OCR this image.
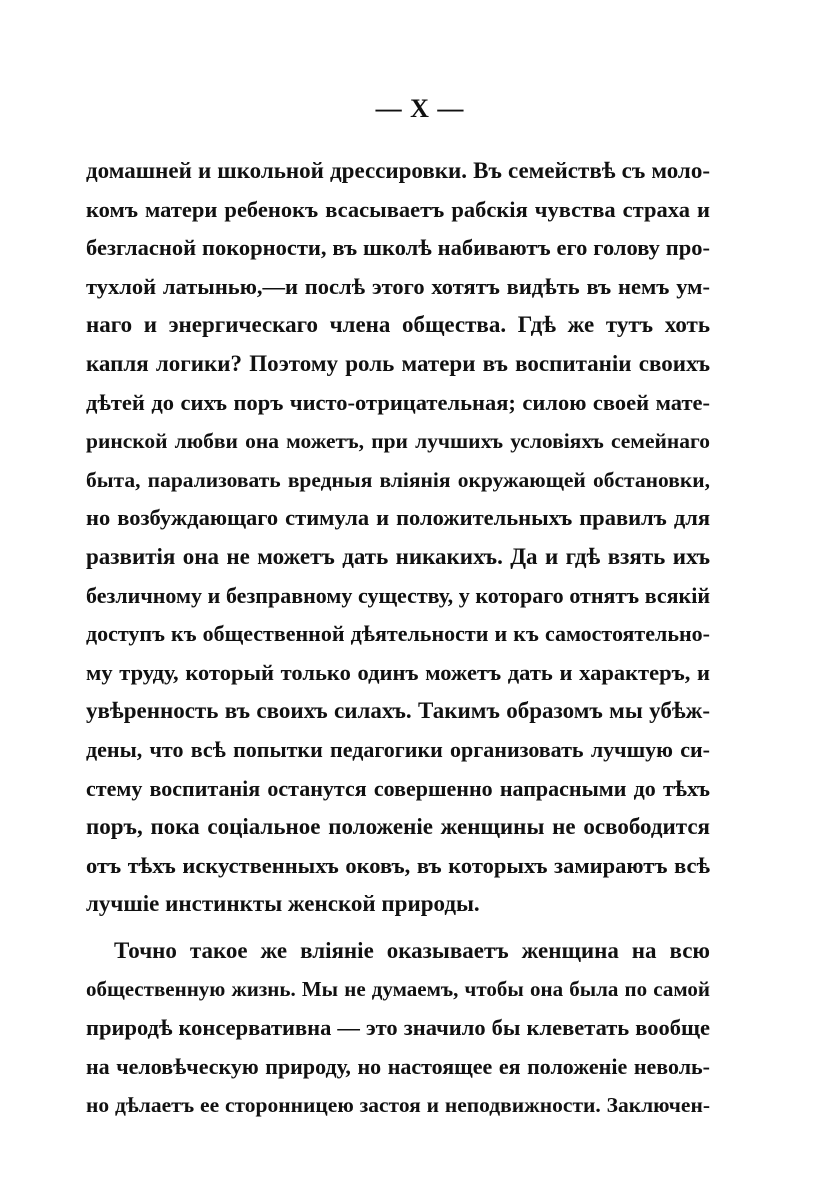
— X —
домашней и школьной дрессировки. Въ семействѣ съ моло-
комъ матери ребенокъ всасываетъ рабскія чувства страха и
безгласной покорности, въ школѣ набиваютъ его голову про-
тухлой латынью,—и послѣ этого хотятъ видѣть въ немъ ум-
наго и энергическаго члена общества. Гдѣ же тутъ хоть
капля логики? Поэтому роль матери въ воспитаніи своихъ
дѣтей до сихъ поръ чисто-отрицательная; силою своей мате-
ринской любви она можетъ, при лучшихъ условіяхъ семейнаго
быта, парализовать вредныя вліянія окружающей обстановки,
но возбуждающаго стимула и положительныхъ правилъ для
развитія она не можетъ дать никакихъ. Да и гдѣ взять ихъ
безличному и безправному существу, у котораго отнятъ всякій
доступъ къ общественной дѣятельности и къ самостоятельно-
му труду, который только одинъ можетъ дать и характеръ, и
увѣренность въ своихъ силахъ. Такимъ образомъ мы убѣж-
дены, что всѣ попытки педагогики организовать лучшую си-
стему воспитанія останутся совершенно напрасными до тѣхъ
поръ, пока соціальное положеніе женщины не освободится
отъ тѣхъ искуственныхъ оковъ, въ которыхъ замираютъ всѣ
лучшіе инстинкты женской природы.
Точно такое же вліяніе оказываетъ женщина на всю
общественную жизнь. Мы не думаемъ, чтобы она была по самой
природѣ консервативна — это значило бы клеветать вообще
на человѣческую природу, но настоящее ея положеніе неволь-
но дѣлаетъ ее сторонницею застоя и неподвижности. Заключен-
